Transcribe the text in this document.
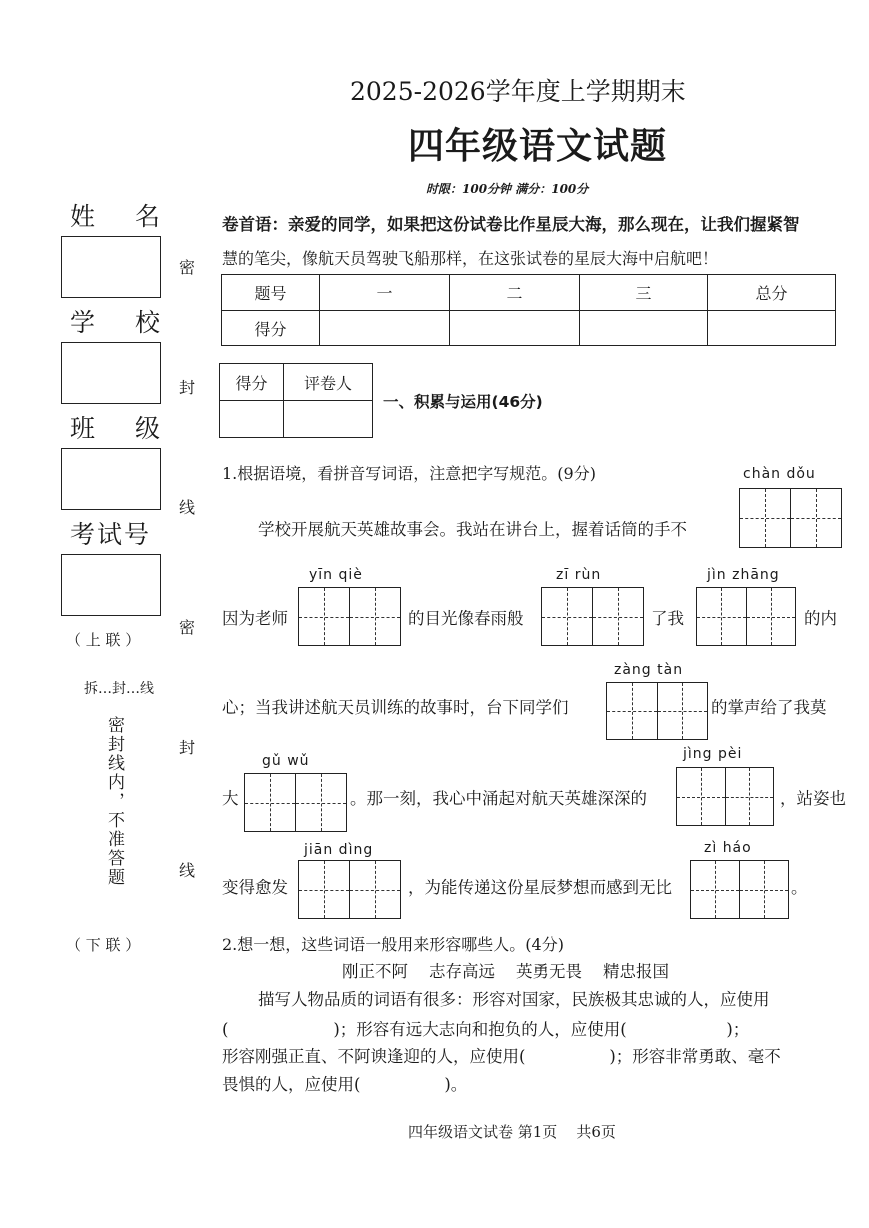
2025-2026学年度上学期期末
四年级语文试题
时限：100分钟 满分：100分
卷首语：亲爱的同学，如果把这份试卷比作星辰大海，那么现在，让我们握紧智
慧的笔尖，像航天员驾驶飞船那样，在这张试卷的星辰大海中启航吧！
姓名
学校
班级
考试号
（ 上 联 ）
拆…封…线
密封线内，不准答题
（ 下 联 ）
密
封
线
密
封
线
题号	一	二	三	总分
得分				
得分	评卷人

一、积累与运用(46分)
1.根据语境，看拼音写词语，注意把字写规范。(9分)	chàn dǒu
学校开展航天英雄故事会。我站在讲台上，握着话筒的手不
因为老师
yīn qiè
的目光像春雨般
zī rùn
了我
jìn zhāng
的内
心；当我讲述航天员训练的故事时，台下同学们
zàng tàn
的掌声给了我莫
大
gǔ wǔ
。那一刻，我心中涌起对航天英雄深深的
jìng pèi
，站姿也
变得愈发
jiān dìng
，为能传递这份星辰梦想而感到无比
zì háo
。
2.想一想，这些词语一般用来形容哪些人。(4分)
刚正不阿    志存高远    英勇无畏    精忠报国
描写人物品质的词语有很多：形容对国家，民族极其忠诚的人，应使用
(                    )；形容有远大志向和抱负的人，应使用(                   )；
形容刚强正直、不阿谀逢迎的人，应使用(                )；形容非常勇敢、毫不
畏惧的人，应使用(                )。
四年级语文试卷 第1页    共6页
